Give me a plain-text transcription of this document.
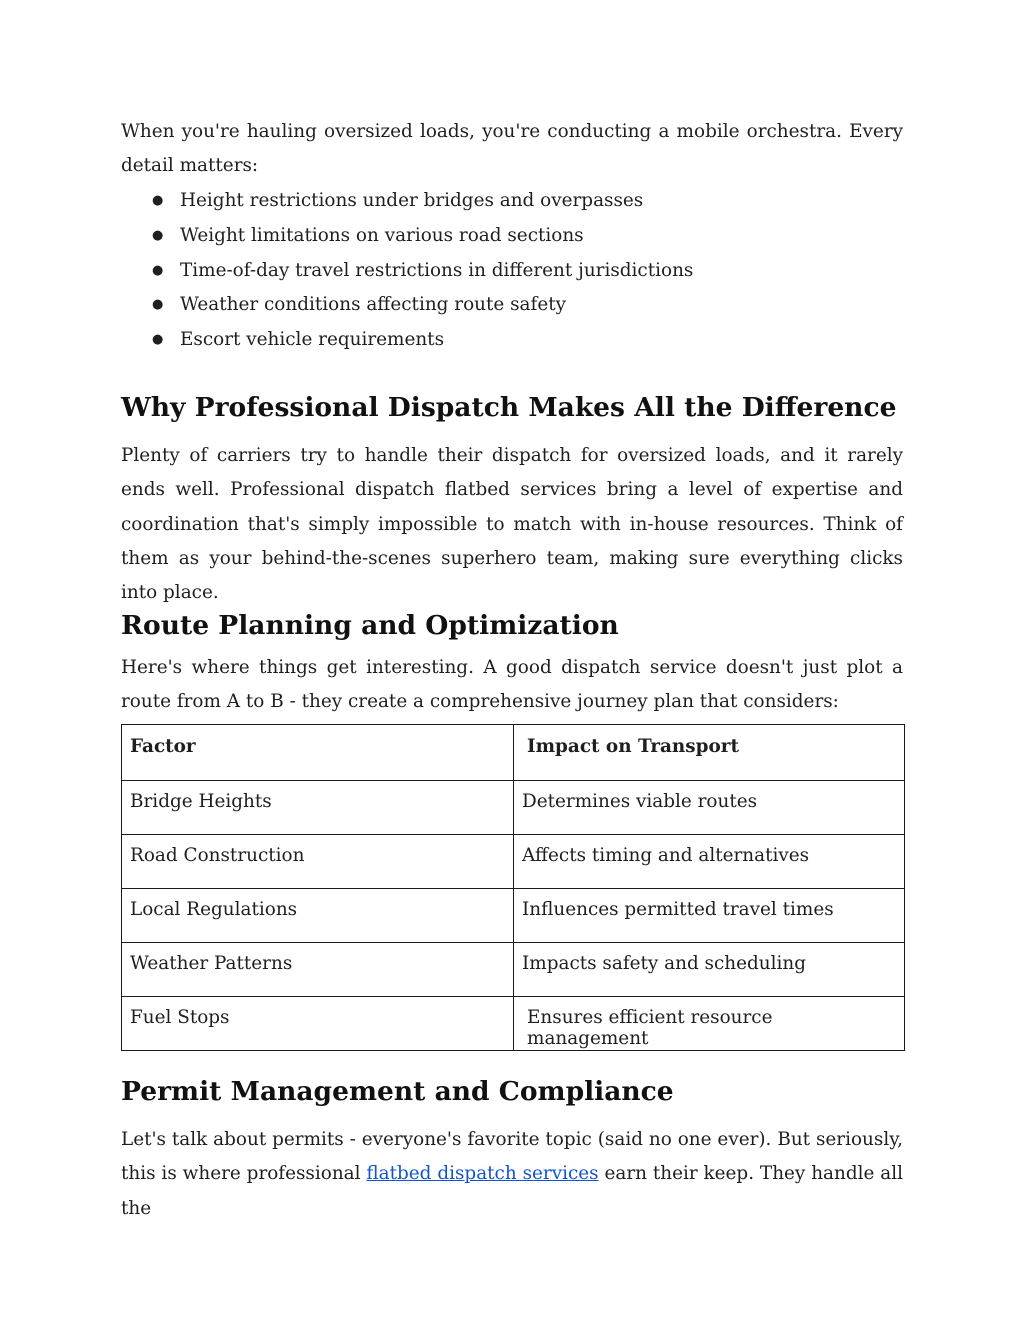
When you're hauling oversized loads, you're conducting a mobile orchestra. Every detail matters:

● Height restrictions under bridges and overpasses
● Weight limitations on various road sections
● Time-of-day travel restrictions in different jurisdictions
● Weather conditions affecting route safety
● Escort vehicle requirements
Why Professional Dispatch Makes All the Difference

Plenty of carriers try to handle their dispatch for oversized loads, and it rarely ends well. Professional dispatch flatbed services bring a level of expertise and coordination that's simply impossible to match with in-house resources. Think of them as your behind-the-scenes superhero team, making sure everything clicks into place.

Route Planning and Optimization

Here's where things get interesting. A good dispatch service doesn't just plot a route from A to B - they create a comprehensive journey plan that considers:

Factor	Impact on Transport
Bridge Heights	Determines viable routes
Road Construction	Affects timing and alternatives
Local Regulations	Influences permitted travel times
Weather Patterns	Impacts safety and scheduling
Fuel Stops	Ensures efficient resource management
Permit Management and Compliance

Let's talk about permits - everyone's favorite topic (said no one ever). But seriously, this is where professional flatbed dispatch services earn their keep. They handle all the
